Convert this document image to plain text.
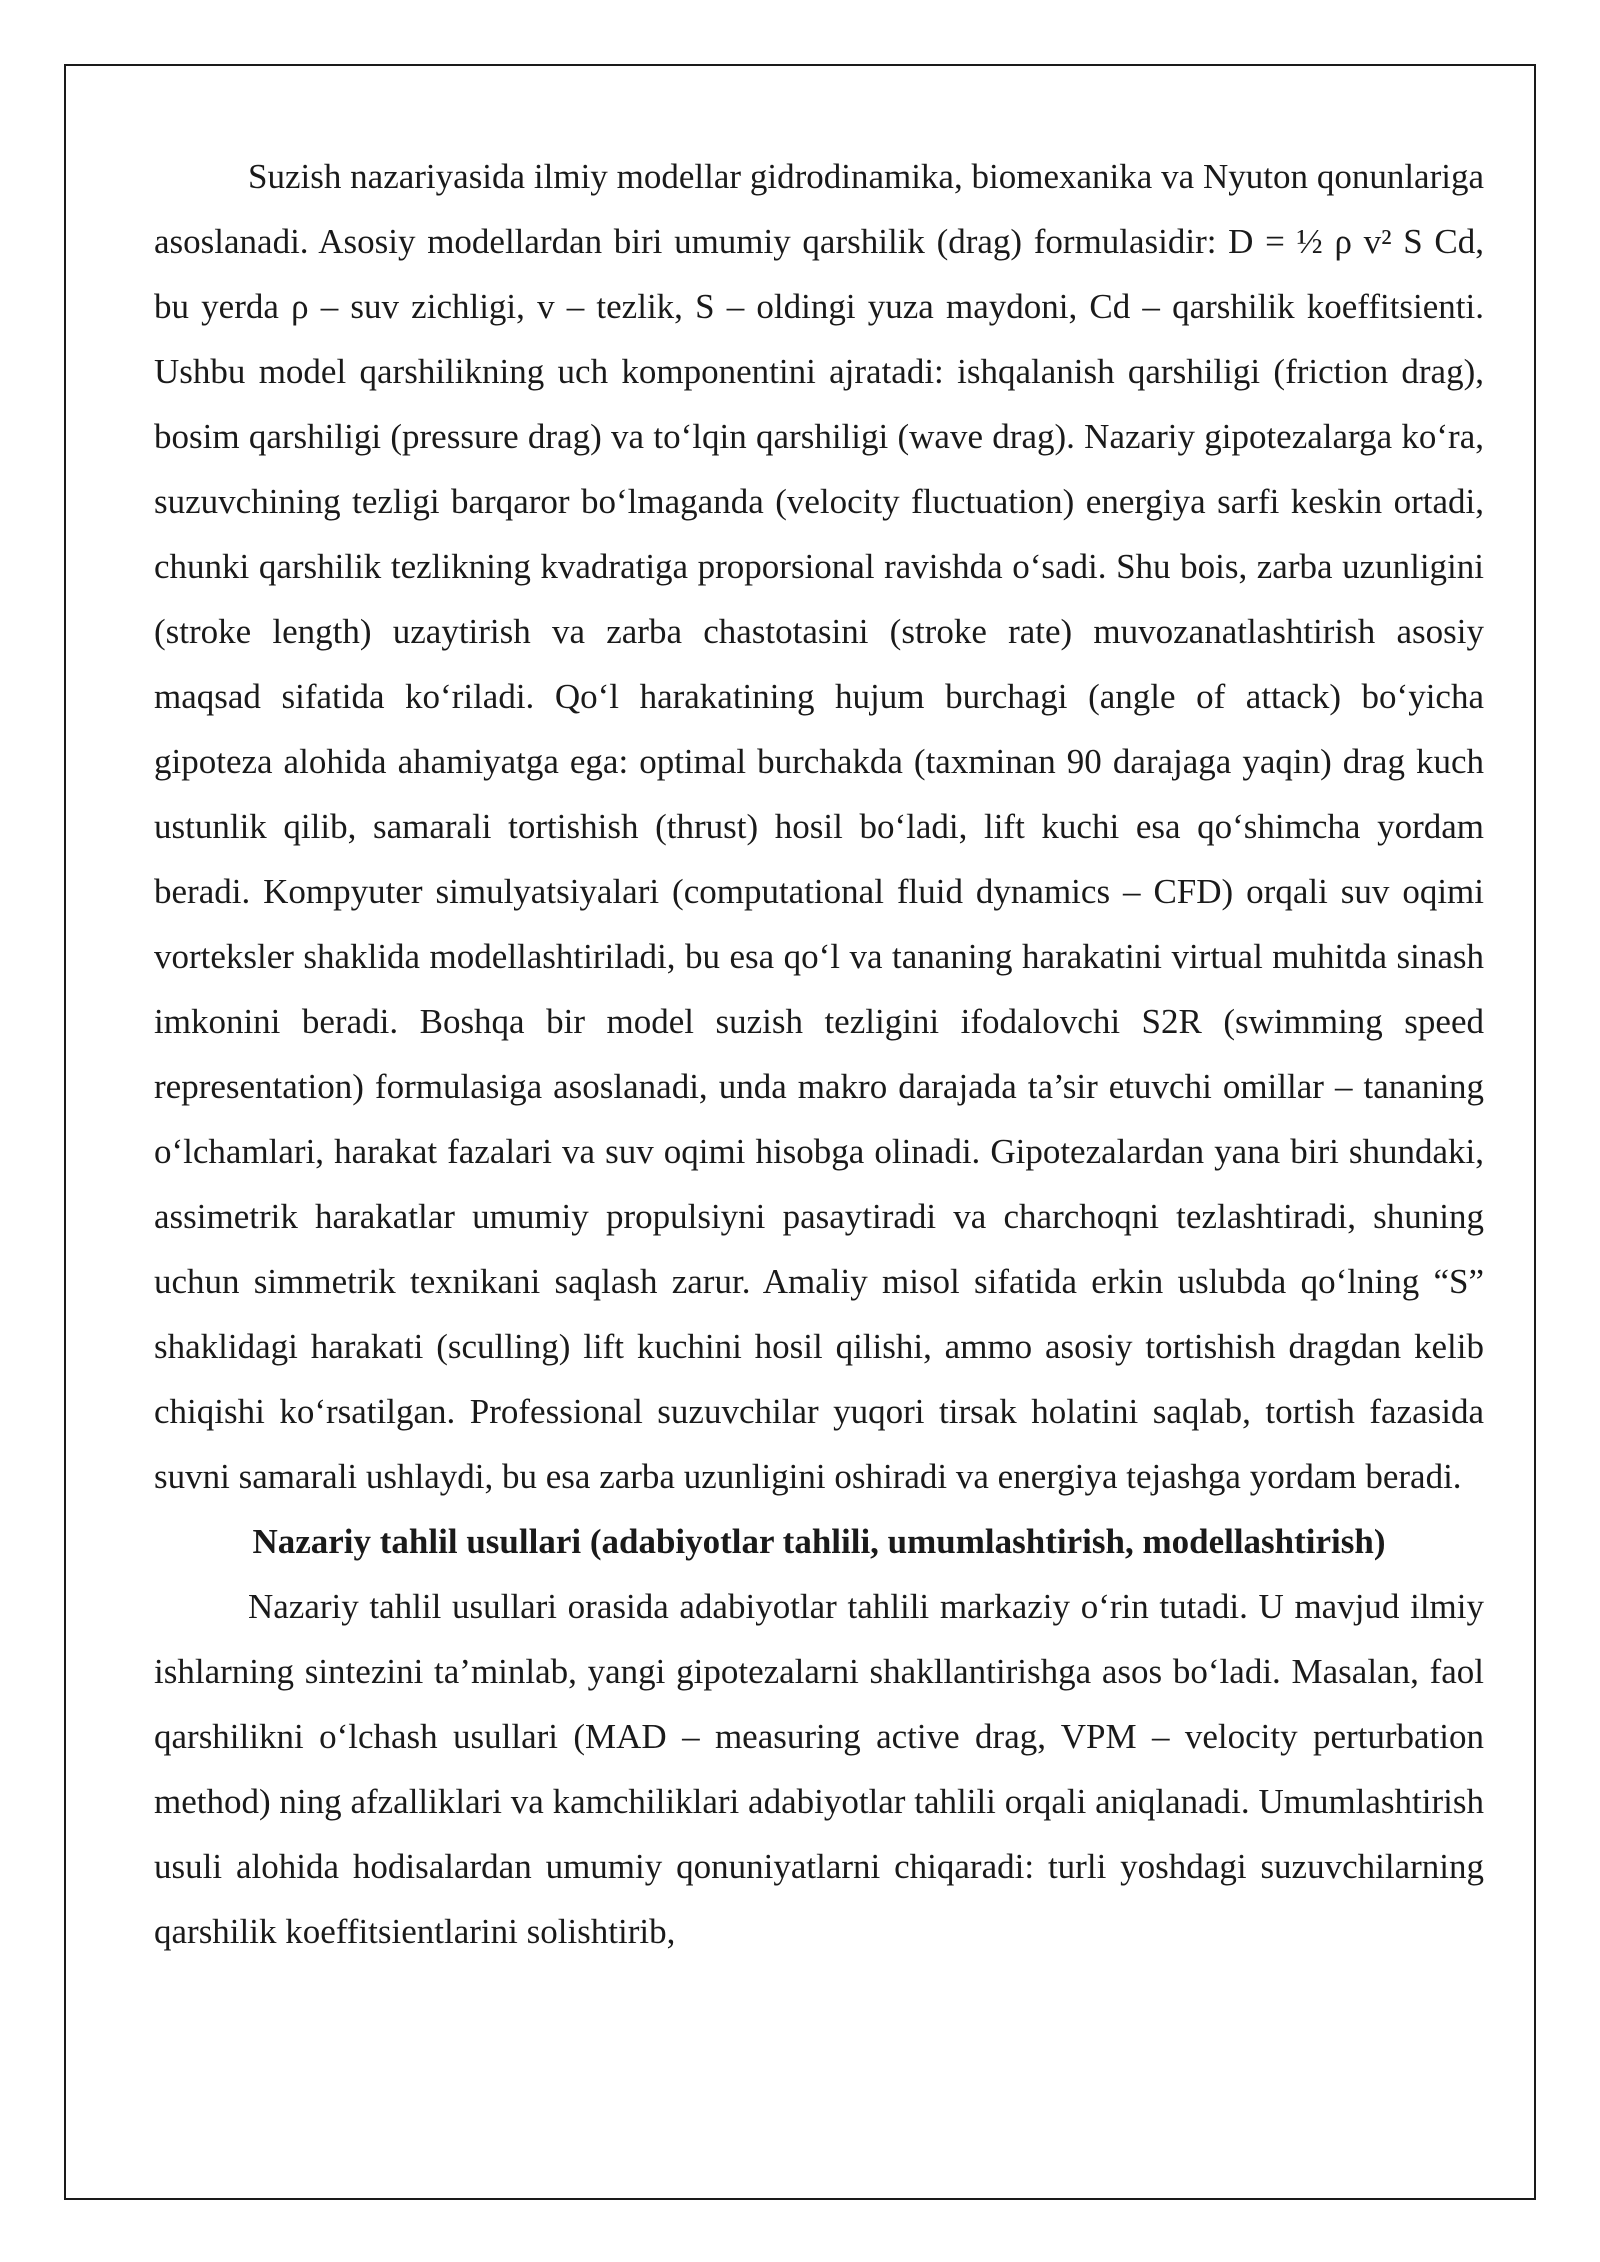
Suzish nazariyasida ilmiy modellar gidrodinamika, biomexanika va Nyuton qonunlariga asoslanadi. Asosiy modellardan biri umumiy qarshilik (drag) formulasidir: D = ½ ρ v² S Cd, bu yerda ρ – suv zichligi, v – tezlik, S – oldingi yuza maydoni, Cd – qarshilik koeffitsienti. Ushbu model qarshilikning uch komponentini ajratadi: ishqalanish qarshiligi (friction drag), bosim qarshiligi (pressure drag) va to‘lqin qarshiligi (wave drag). Nazariy gipotezalarga ko‘ra, suzuvchining tezligi barqaror bo‘lmaganda (velocity fluctuation) energiya sarfi keskin ortadi, chunki qarshilik tezlikning kvadratiga proporsional ravishda o‘sadi. Shu bois, zarba uzunligini (stroke length) uzaytirish va zarba chastotasini (stroke rate) muvozanatlashtirish asosiy maqsad sifatida ko‘riladi. Qo‘l harakatining hujum burchagi (angle of attack) bo‘yicha gipoteza alohida ahamiyatga ega: optimal burchakda (taxminan 90 darajaga yaqin) drag kuch ustunlik qilib, samarali tortishish (thrust) hosil bo‘ladi, lift kuchi esa qo‘shimcha yordam beradi. Kompyuter simulyatsiyalari (computational fluid dynamics – CFD) orqali suv oqimi vorteksler shaklida modellashtiriladi, bu esa qo‘l va tananing harakatini virtual muhitda sinash imkonini beradi. Boshqa bir model suzish tezligini ifodalovchi S2R (swimming speed representation) formulasiga asoslanadi, unda makro darajada ta’sir etuvchi omillar – tananing o‘lchamlari, harakat fazalari va suv oqimi hisobga olinadi. Gipotezalardan yana biri shundaki, assimetrik harakatlar umumiy propulsiyni pasaytiradi va charchoqni tezlashtiradi, shuning uchun simmetrik texnikani saqlash zarur. Amaliy misol sifatida erkin uslubda qo‘lning “S” shaklidagi harakati (sculling) lift kuchini hosil qilishi, ammo asosiy tortishish dragdan kelib chiqishi ko‘rsatilgan. Professional suzuvchilar yuqori tirsak holatini saqlab, tortish fazasida suvni samarali ushlaydi, bu esa zarba uzunligini oshiradi va energiya tejashga yordam beradi.

Nazariy tahlil usullari (adabiyotlar tahlili, umumlashtirish, modellashtirish)

Nazariy tahlil usullari orasida adabiyotlar tahlili markaziy o‘rin tutadi. U mavjud ilmiy ishlarning sintezini ta’minlab, yangi gipotezalarni shakllantirishga asos bo‘ladi. Masalan, faol qarshilikni o‘lchash usullari (MAD – measuring active drag, VPM – velocity perturbation method) ning afzalliklari va kamchiliklari adabiyotlar tahlili orqali aniqlanadi. Umumlashtirish usuli alohida hodisalardan umumiy qonuniyatlarni chiqaradi: turli yoshdagi suzuvchilarning qarshilik koeffitsientlarini solishtirib,
